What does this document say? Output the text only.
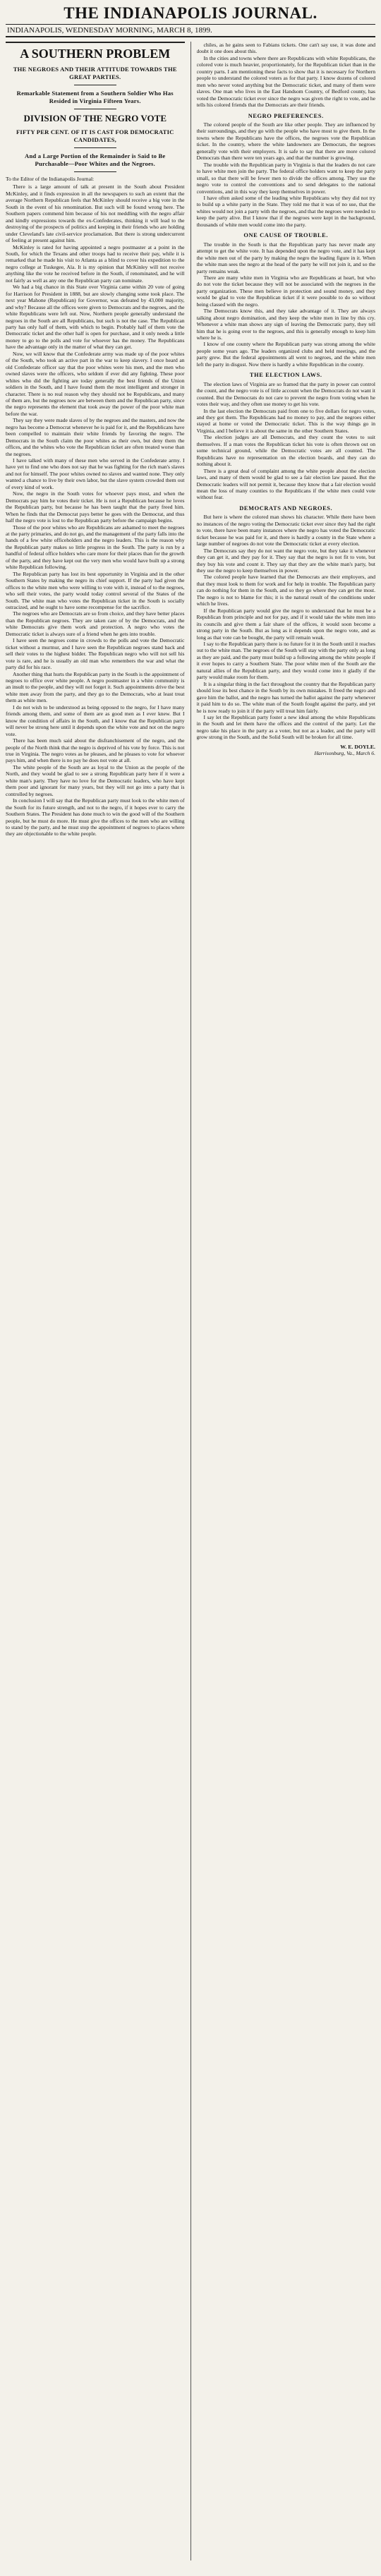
THE INDIANAPOLIS JOURNAL.
INDIANAPOLIS, WEDNESDAY MORNING, MARCH 8, 1899.
A SOUTHERN PROBLEM
THE NEGROES AND THEIR ATTITUDE TOWARDS THE GREAT PARTIES.
Remarkable Statement from a Southern Soldier Who Has Resided in Virginia Fifteen Years.
DIVISION OF THE NEGRO VOTE
FIFTY PER CENT. OF IT IS CAST FOR DEMOCRATIC CANDIDATES,
And a Large Portion of the Remainder is Said to Be Purchasable—Poor Whites and the Negroes.

To the Editor of the Indianapolis Journal:

There is a large amount of talk at present in the South about President McKinley, and it finds expression in all the newspapers to such an extent that the average Northern Republican feels that McKinley should receive a big vote in the South in the event of his renomination. But such will be found wrong here. The Southern papers commend him because of his not meddling with the negro affair and kindly expressions towards the ex-Confederates, thinking it will lead to the destroying of the prospects of politics and keeping in their friends who are holding under Cleveland's late civil-service proclamation. But there is strong undercurrent of feeling at present against him.

McKinley is rated for having appointed a negro postmaster at a point in the South, for which the Texans and other troops had to receive their pay, while it is remarked that he made his visit to Atlanta as a blind to cover his expedition to the negro college at Tuskegee, Ala. It is my opinion that McKinley will not receive anything like the vote he received before in the South, if renominated, and he will not fairly as well as any one the Republican party can nominate.

We had a big chance in this State over Virginia came within 20 vote of going for Harrison for President in 1888, but are slowly changing some took place. The next year Mahone (Republican) for Governor, was defeated by 43,000 majority, and why? Because all the offices were given to Democrats and the negroes, and the white Republicans were left out. Now, Northern people generally understand the negroes in the South are all Republicans, but such is not the case. The Republican party has only half of them, with which to begin. Probably half of them vote the Democratic ticket and the other half is open for purchase, and it only needs a little money to go to the polls and vote for whoever has the money. The Republicans have the advantage only in the matter of what they can get.

Now, we will know that the Confederate army was made up of the poor whites of the South, who took an active part in the war to keep slavery. I once heard an old Confederate officer say that the poor whites were his men, and the men who owned slaves were the officers, who seldom if ever did any fighting. These poor whites who did the fighting are today generally the best friends of the Union soldiers in the South, and I have found them the most intelligent and stronger in character. There is no real reason why they should not be Republicans, and many of them are, but the negroes now are between them and the Republican party, since the negro represents the element that took away the power of the poor white man before the war.

They say they were made slaves of by the negroes and the masters, and now the negro has become a Democrat whenever he is paid for it, and the Republicans have been compelled to maintain their white friends by favoring the negro. The Democrats in the South claim the poor whites as their own, but deny them the offices, and the whites who vote the Republican ticket are often treated worse than the negroes.

I have talked with many of these men who served in the Confederate army. I have yet to find one who does not say that he was fighting for the rich man's slaves and not for himself. The poor whites owned no slaves and wanted none. They only wanted a chance to live by their own labor, but the slave system crowded them out of every kind of work.

Now, the negro in the South votes for whoever pays most, and when the Democrats pay him he votes their ticket. He is not a Republican because he loves the Republican party, but because he has been taught that the party freed him. When he finds that the Democrat pays better he goes with the Democrat, and thus half the negro vote is lost to the Republican party before the campaign begins.

Those of the poor whites who are Republicans are ashamed to meet the negroes at the party primaries, and do not go, and the management of the party falls into the hands of a few white officeholders and the negro leaders. This is the reason why the Republican party makes so little progress in the South. The party is run by a handful of federal office holders who care more for their places than for the growth of the party, and they have kept out the very men who would have built up a strong white Republican following.

The Republican party has lost its best opportunity in Virginia and in the other Southern States by making the negro its chief support. If the party had given the offices to the white men who were willing to vote with it, instead of to the negroes, who sell their votes, the party would today control several of the States of the South. The white man who votes the Republican ticket in the South is socially ostracized, and he ought to have some recompense for the sacrifice.

The negroes who are Democrats are so from choice, and they have better places than the Republican negroes. They are taken care of by the Democrats, and the white Democrats give them work and protection. A negro who votes the Democratic ticket is always sure of a friend when he gets into trouble.

I have seen the negroes come in crowds to the polls and vote the Democratic ticket without a murmur, and I have seen the Republican negroes stand back and sell their votes to the highest bidder. The Republican negro who will not sell his vote is rare, and he is usually an old man who remembers the war and what the party did for his race.

Another thing that hurts the Republican party in the South is the appointment of negroes to office over white people. A negro postmaster in a white community is an insult to the people, and they will not forget it. Such appointments drive the best white men away from the party, and they go to the Democrats, who at least treat them as white men.

I do not wish to be understood as being opposed to the negro, for I have many friends among them, and some of them are as good men as I ever knew. But I know the condition of affairs in the South, and I know that the Republican party will never be strong here until it depends upon the white vote and not on the negro vote.

There has been much said about the disfranchisement of the negro, and the people of the North think that the negro is deprived of his vote by force. This is not true in Virginia. The negro votes as he pleases, and he pleases to vote for whoever pays him, and when there is no pay he does not vote at all.

The white people of the South are as loyal to the Union as the people of the North, and they would be glad to see a strong Republican party here if it were a white man's party. They have no love for the Democratic leaders, who have kept them poor and ignorant for many years, but they will not go into a party that is controlled by negroes.

In conclusion I will say that the Republican party must look to the white men of the South for its future strength, and not to the negro, if it hopes ever to carry the Southern States. The President has done much to win the good will of the Southern people, but he must do more. He must give the offices to the men who are willing to stand by the party, and he must stop the appointment of negroes to places where they are objectionable to the white people.

chiles, as he gains seen to Fabians tickets. One can't say use, it was done and doubt it one does about this.

In the cities and towns where there are Republicans with white Republicans, the colored vote is much heavier, proportionately, for the Republican ticket than in the country parts. I am mentioning these facts to show that it is necessary for Northern people to understand the colored voters as for that party. I know dozens of colored men who never voted anything but the Democratic ticket, and many of them were slaves. One man who lives in the East Handsom Country, of Bedford county, has voted the Democratic ticket ever since the negro was given the right to vote, and he tells his colored friends that the Democrats are their friends.

NEGRO PREFERENCES.

The colored people of the South are like other people. They are influenced by their surroundings, and they go with the people who have most to give them. In the towns where the Republicans have the offices, the negroes vote the Republican ticket. In the country, where the white landowners are Democrats, the negroes generally vote with their employers. It is safe to say that there are more colored Democrats than there were ten years ago, and that the number is growing.

The trouble with the Republican party in Virginia is that the leaders do not care to have white men join the party. The federal office holders want to keep the party small, so that there will be fewer men to divide the offices among. They use the negro vote to control the conventions and to send delegates to the national conventions, and in this way they keep themselves in power.

I have often asked some of the leading white Republicans why they did not try to build up a white party in the State. They told me that it was of no use, that the whites would not join a party with the negroes, and that the negroes were needed to keep the party alive. But I know that if the negroes were kept in the background, thousands of white men would come into the party.

ONE CAUSE OF TROUBLE.

The trouble in the South is that the Republican party has never made any attempt to get the white vote. It has depended upon the negro vote, and it has kept the white men out of the party by making the negro the leading figure in it. When the white man sees the negro at the head of the party he will not join it, and so the party remains weak.

There are many white men in Virginia who are Republicans at heart, but who do not vote the ticket because they will not be associated with the negroes in the party organization. These men believe in protection and sound money, and they would be glad to vote the Republican ticket if it were possible to do so without being classed with the negro.

The Democrats know this, and they take advantage of it. They are always talking about negro domination, and they keep the white men in line by this cry. Whenever a white man shows any sign of leaving the Democratic party, they tell him that he is going over to the negroes, and this is generally enough to keep him where he is.

I know of one county where the Republican party was strong among the white people some years ago. The leaders organized clubs and held meetings, and the party grew. But the federal appointments all went to negroes, and the white men left the party in disgust. Now there is hardly a white Republican in the county.

THE ELECTION LAWS.

The election laws of Virginia are so framed that the party in power can control the count, and the negro vote is of little account when the Democrats do not want it counted. But the Democrats do not care to prevent the negro from voting when he votes their way, and they often use money to get his vote.

In the last election the Democrats paid from one to five dollars for negro votes, and they got them. The Republicans had no money to pay, and the negroes either stayed at home or voted the Democratic ticket. This is the way things go in Virginia, and I believe it is about the same in the other Southern States.

The election judges are all Democrats, and they count the votes to suit themselves. If a man votes the Republican ticket his vote is often thrown out on some technical ground, while the Democratic votes are all counted. The Republicans have no representation on the election boards, and they can do nothing about it.

There is a great deal of complaint among the white people about the election laws, and many of them would be glad to see a fair election law passed. But the Democratic leaders will not permit it, because they know that a fair election would mean the loss of many counties to the Republicans if the white men could vote without fear.

DEMOCRATS AND NEGROES.

But here is where the colored man shows his character. While there have been no instances of the negro voting the Democratic ticket ever since they had the right to vote, there have been many instances where the negro has voted the Democratic ticket because he was paid for it, and there is hardly a county in the State where a large number of negroes do not vote the Democratic ticket at every election.

The Democrats say they do not want the negro vote, but they take it whenever they can get it, and they pay for it. They say that the negro is not fit to vote, but they buy his vote and count it. They say that they are the white man's party, but they use the negro to keep themselves in power.

The colored people have learned that the Democrats are their employers, and that they must look to them for work and for help in trouble. The Republican party can do nothing for them in the South, and so they go where they can get the most. The negro is not to blame for this; it is the natural result of the conditions under which he lives.

If the Republican party would give the negro to understand that he must be a Republican from principle and not for pay, and if it would take the white men into its councils and give them a fair share of the offices, it would soon become a strong party in the South. But as long as it depends upon the negro vote, and as long as that vote can be bought, the party will remain weak.

I say to the Republican party there is no future for it in the South until it reaches out to the white man. The negroes of the South will stay with the party only as long as they are paid, and the party must build up a following among the white people if it ever hopes to carry a Southern State. The poor white men of the South are the natural allies of the Republican party, and they would come into it gladly if the party would make room for them.

It is a singular thing in the fact throughout the country that the Republican party should lose its best chance in the South by its own mistakes. It freed the negro and gave him the ballot, and the negro has turned the ballot against the party whenever it paid him to do so. The white man of the South fought against the party, and yet he is now ready to join it if the party will treat him fairly.

I say let the Republican party foster a new ideal among the white Republicans in the South and let them have the offices and the control of the party. Let the negro take his place in the party as a voter, but not as a leader, and the party will grow strong in the South, and the Solid South will be broken for all time.

W. E. DOYLE.
Harrisonburg, Va., March 6.
